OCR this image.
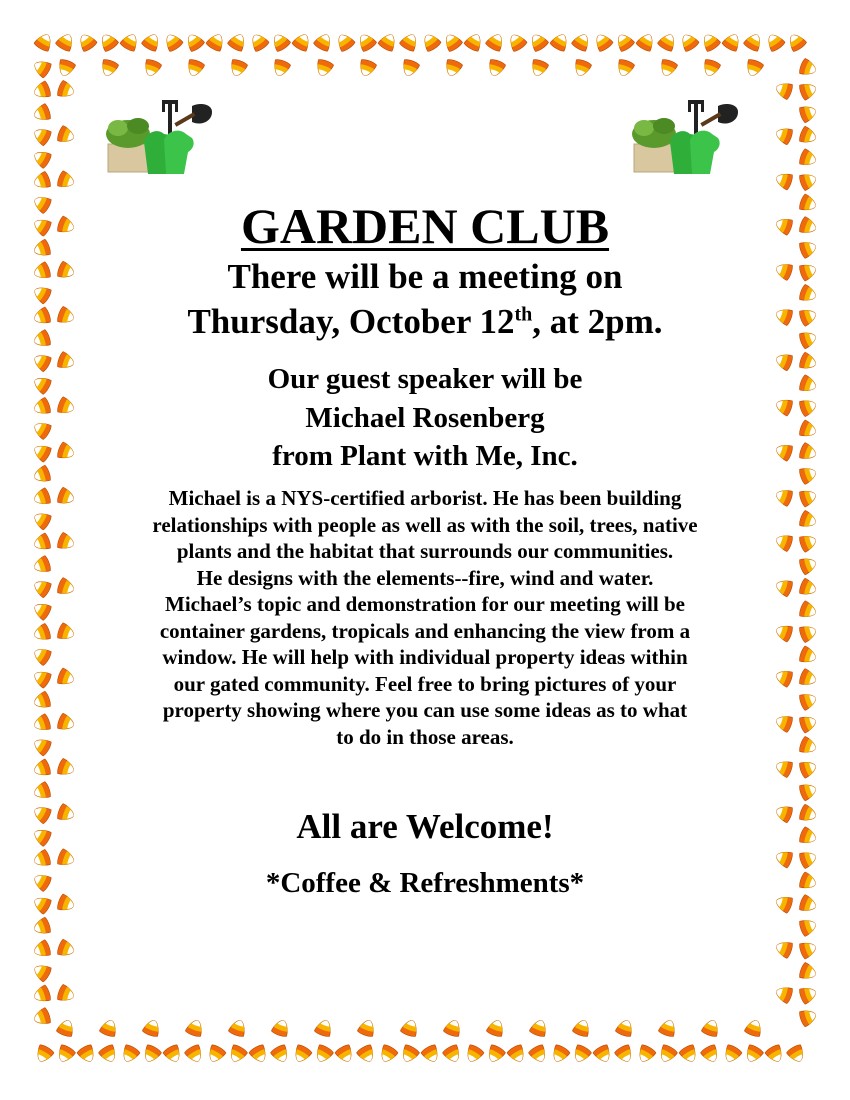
GARDEN CLUB
There will be a meeting on
Thursday, October 12th, at 2pm.
Our guest speaker will be
Michael Rosenberg
from Plant with Me, Inc.
Michael is a NYS-certified arborist. He has been building
relationships with people as well as with the soil, trees, native
plants and the habitat that surrounds our communities.
He designs with the elements--fire, wind and water.
Michael’s topic and demonstration for our meeting will be
container gardens, tropicals and enhancing the view from a
window. He will help with individual property ideas within
our gated community. Feel free to bring pictures of your
property showing where you can use some ideas as to what
to do in those areas.
All are Welcome!
*Coffee & Refreshments*
